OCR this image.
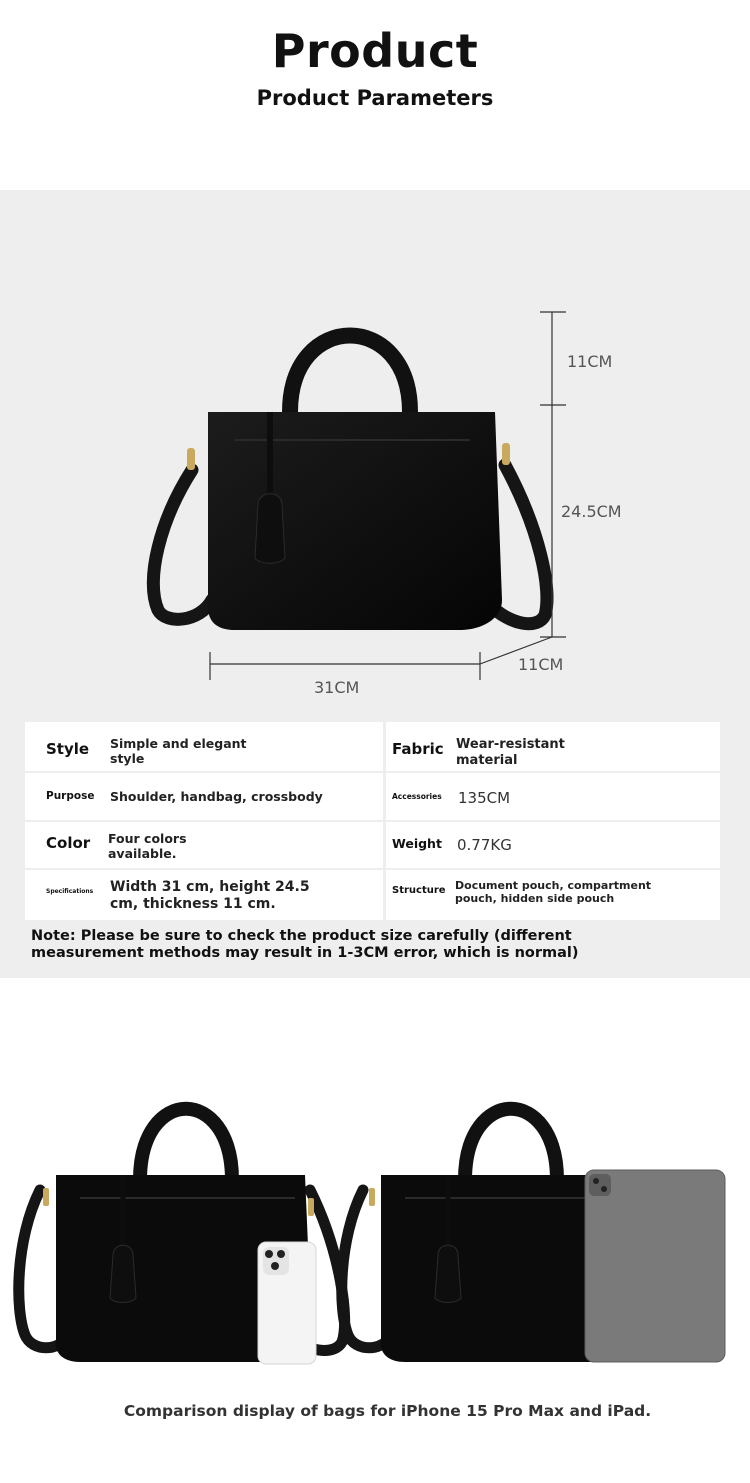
Product
Product Parameters
11CM
24.5CM
11CM
31CM
Style Simple and elegant
style
Fabric Wear-resistant
material
Purpose Shoulder, handbag, crossbody	Accessories 135CM
Color Four colors
available.
Weight 0.77KG
Specifications Width 31 cm, height 24.5
cm, thickness 11 cm.
Structure Document pouch, compartment
pouch, hidden side pouch
Note: Please be sure to check the product size carefully (different measurement methods may result in 1-3CM error, which is normal)
Comparison display of bags for iPhone 15 Pro Max and iPad.
